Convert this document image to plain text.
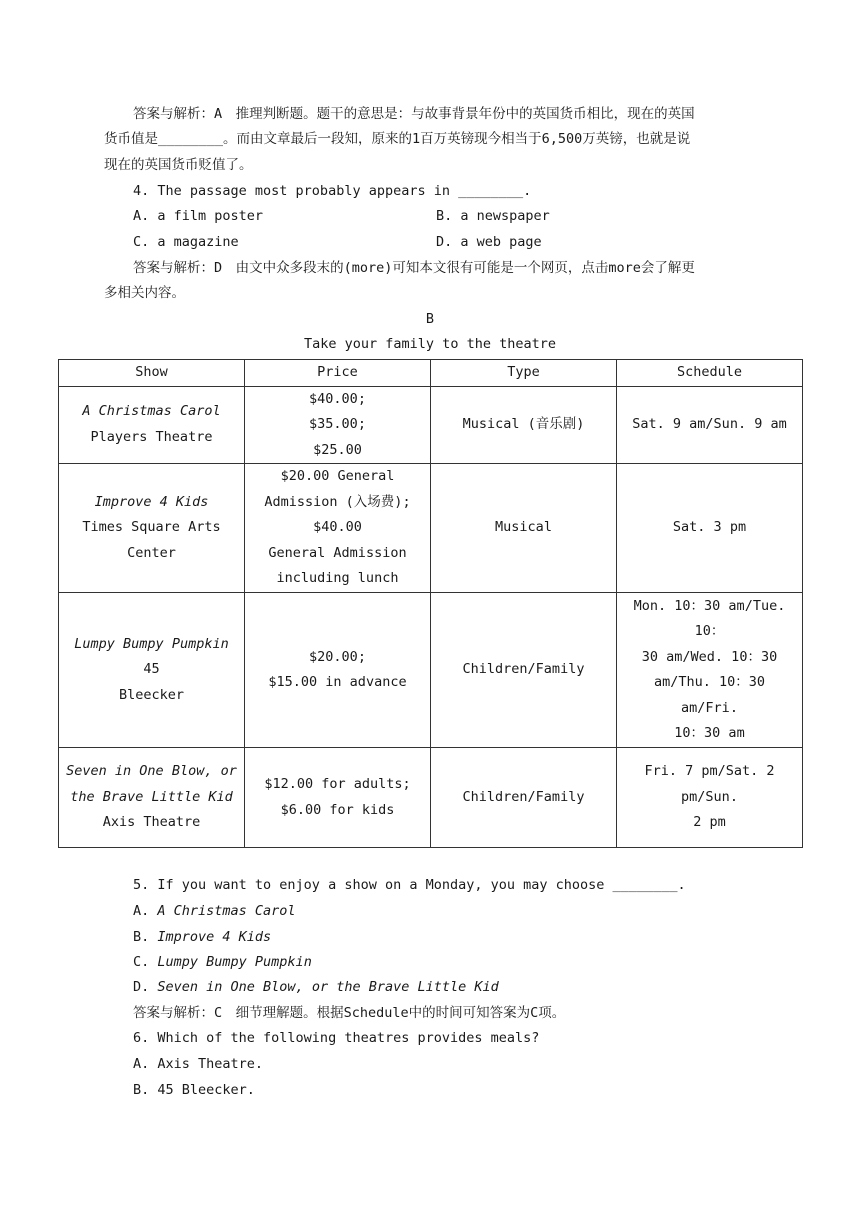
答案与解析：A　推理判断题。题干的意思是：与故事背景年份中的英国货币相比，现在的英国
货币值是________。而由文章最后一段知，原来的1百万英镑现今相当于6,500万英镑，也就是说
现在的英国货币贬值了。
4. The passage most probably appears in ________.
A. a film poster	B. a newspaper
C. a magazine	D. a web page
答案与解析：D　由文中众多段末的(more)可知本文很有可能是一个网页，点击more会了解更
多相关内容。
B
Take your family to the theatre
Show	Price	Type	Schedule

A Christmas Carol
Players Theatre	$40.00;
$35.00;
$25.00	Musical (音乐剧)	Sat. 9 am/Sun. 9 am

Improve 4 Kids
Times Square Arts
Center	$20.00 General
Admission (入场费);
$40.00
General Admission
including lunch	Musical	Sat. 3 pm

Lumpy Bumpy Pumpkin 45
Bleecker	$20.00;
$15.00 in advance	Children/Family	Mon. 10：30 am/Tue. 10：
30 am/Wed. 10：30
am/Thu. 10：30 am/Fri.
10：30 am

Seven in One Blow, or
the Brave Little Kid
Axis Theatre	$12.00 for adults;
$6.00 for kids	Children/Family	Fri. 7 pm/Sat. 2 pm/Sun.
2 pm
5. If you want to enjoy a show on a Monday, you may choose ________.
A. A Christmas Carol
B. Improve 4 Kids
C. Lumpy Bumpy Pumpkin
D. Seven in One Blow, or the Brave Little Kid
答案与解析：C　细节理解题。根据Schedule中的时间可知答案为C项。
6. Which of the following theatres provides meals?
A. Axis Theatre.
B. 45 Bleecker.
